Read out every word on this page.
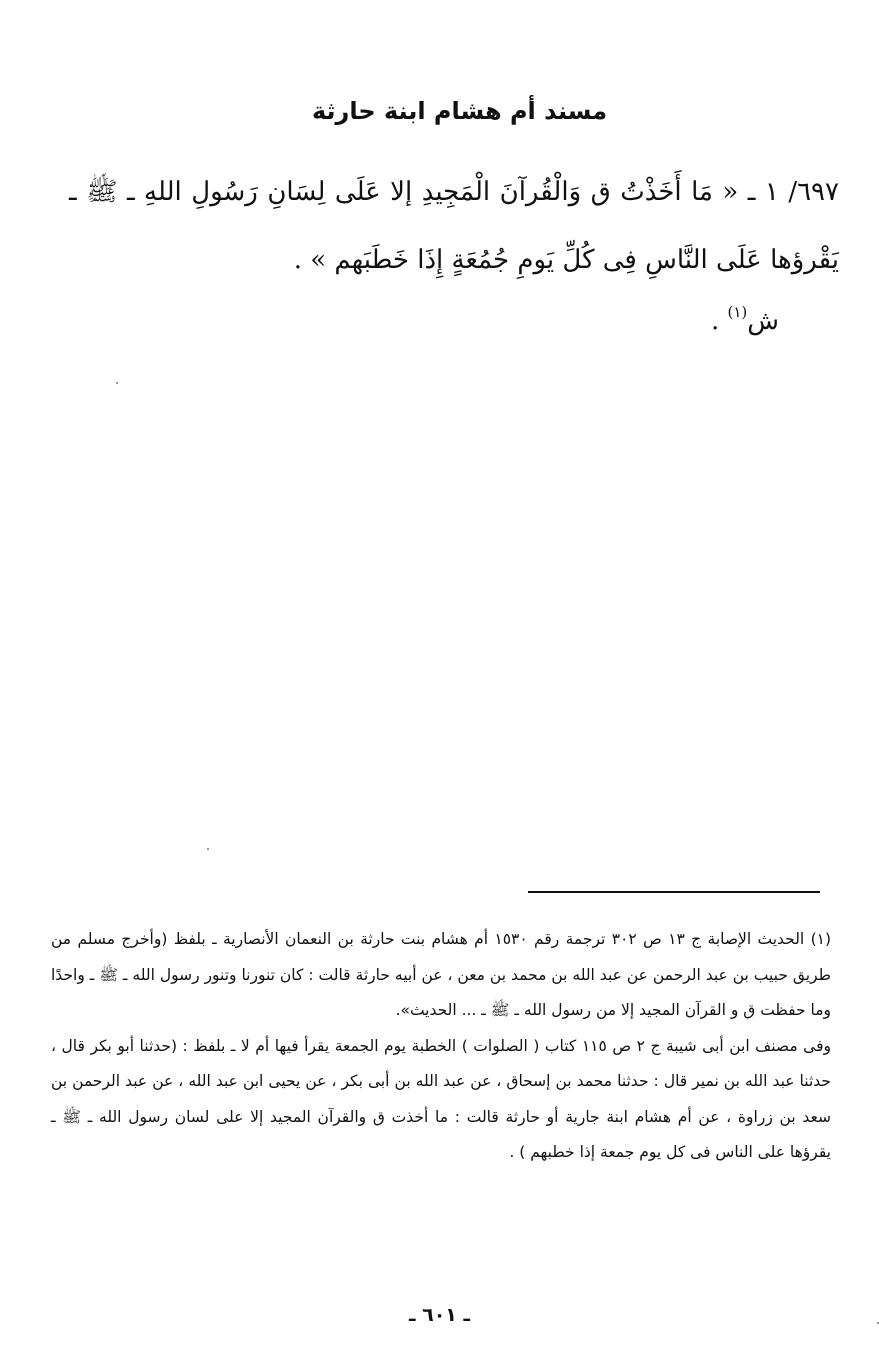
مسند أم هشام ابنة حارثة

٦٩٧/ ١ ـ « مَا أَخَذْتُ ق وَالْقُرآنَ الْمَجِيدِ إلا عَلَى لِسَانِ رَسُولِ اللهِ ـ ﷺ ـ يَقْرؤها عَلَى النَّاسِ فِى كُلِّ يَومِ جُمُعَةٍ إِذَا خَطَبَهم » .

ش$^{(١)}$ .

(١) الحديث الإصابة ج ١٣ ص ٣٠٢ ترجمة رقم ١٥٣٠ أم هشام بنت حارثة بن النعمان الأنصارية ـ بلفظ (وأخرج مسلم من طريق حبيب بن عبد الرحمن عن عبد الله بن محمد بن معن ، عن أبيه حارثة قالت : كان تنورنا وتنور رسول الله ـ ﷺ ـ واحدًا وما حفظت ق و القرآن المجيد إلا من رسول الله ـ ﷺ ـ ... الحديث».

وفى مصنف ابن أبى شيبة ج ٢ ص ١١٥ كتاب ( الصلوات ) الخطبة يوم الجمعة يقرأ فيها أم لا ـ بلفظ : (حدثنا أبو بكر قال ، حدثنا عبد الله بن نمير قال : حدثنا محمد بن إسحاق ، عن عبد الله بن أبى بكر ، عن يحيى ابن عبد الله ، عن عبد الرحمن بن سعد بن زراوة ، عن أم هشام ابنة جارية أو حارثة قالت : ما أخذت ق والقرآن المجيد إلا على لسان رسول الله ـ ﷺ ـ يقرؤها على الناس فى كل يوم جمعة إذا خطبهم ) .

ـ ٦٠١ ـ
